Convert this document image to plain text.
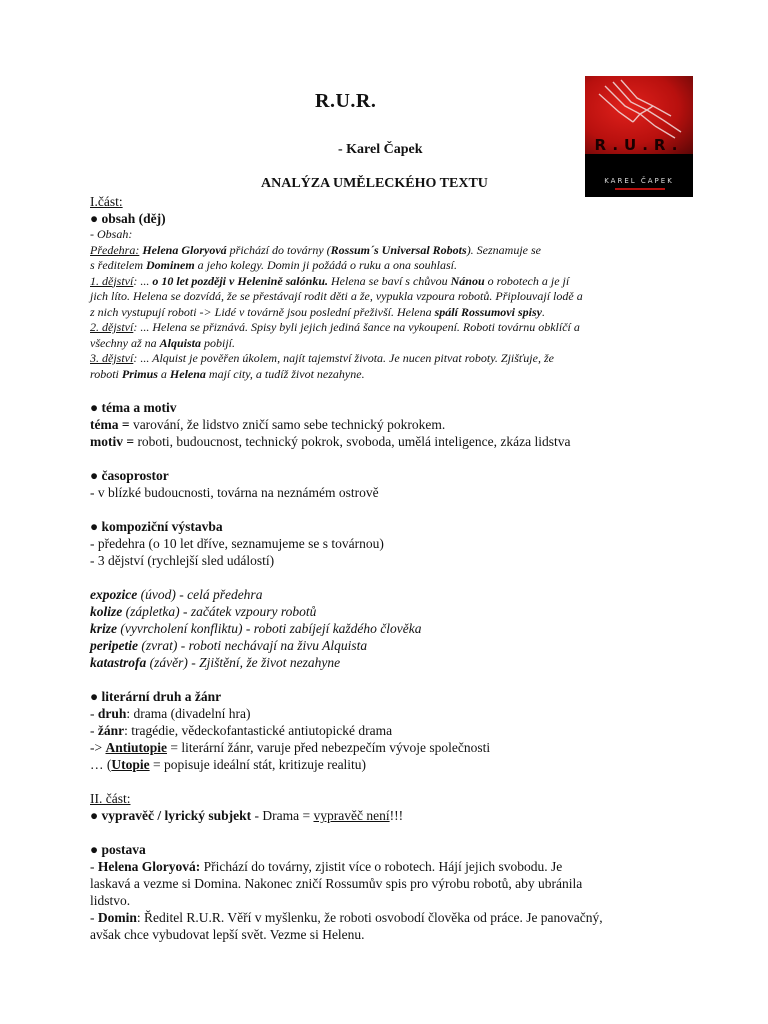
R.U.R.
- Karel Čapek
ANALÝZA UMĚLECKÉHO TEXTU
R.U.R.
KAREL ČAPEK
I.část:
● obsah (děj)
- Obsah:
Předehra: Helena Gloryová přichází do továrny (Rossum´s Universal Robots). Seznamuje se
s ředitelem Dominem a jeho kolegy. Domin ji požádá o ruku a ona souhlasí.
1. dějství: ... o 10 let později v Helenině salónku. Helena se baví s chůvou Nánou o robotech a je jí
jich líto. Helena se dozvídá, že se přestávají rodit děti a že, vypukla vzpoura robotů. Připlouvají lodě a
z nich vystupují roboti -> Lidé v továrně jsou poslední přeživší. Helena spálí Rossumovi spisy.
2. dějství: ... Helena se přiznává. Spisy byli jejich jediná šance na vykoupení. Roboti továrnu obklíčí a
všechny až na Alquista pobijí.
3. dějství: ... Alquist je pověřen úkolem, najít tajemství života. Je nucen pitvat roboty. Zjišťuje, že
roboti Primus a Helena mají city, a tudíž život nezahyne.
● téma a motiv
téma = varování, že lidstvo zničí samo sebe technický pokrokem.
motiv = roboti, budoucnost, technický pokrok, svoboda, umělá inteligence, zkáza lidstva
● časoprostor
- v blízké budoucnosti, továrna na neznámém ostrově
● kompoziční výstavba
- předehra (o 10 let dříve, seznamujeme se s továrnou)
- 3 dějství (rychlejší sled událostí)
expozice (úvod) - celá předehra
kolize (zápletka) - začátek vzpoury robotů
krize (vyvrcholení konfliktu) - roboti zabíjejí každého člověka
peripetie (zvrat) - roboti nechávají na živu Alquista
katastrofa (závěr) - Zjištění, že život nezahyne
● literární druh a žánr
- druh: drama (divadelní hra)
- žánr: tragédie, vědeckofantastické antiutopické drama
-> Antiutopie = literární žánr, varuje před nebezpečím vývoje společnosti
… (Utopie = popisuje ideální stát, kritizuje realitu)
II. část:
● vypravěč / lyrický subjekt - Drama = vypravěč není!!!
● postava
- Helena Gloryová: Přichází do továrny, zjistit více o robotech. Hájí jejich svobodu. Je
laskavá a vezme si Domina. Nakonec zničí Rossumův spis pro výrobu robotů, aby ubránila
lidstvo.
- Domin: Ředitel R.U.R. Věří v myšlenku, že roboti osvobodí člověka od práce. Je panovačný,
avšak chce vybudovat lepší svět. Vezme si Helenu.
